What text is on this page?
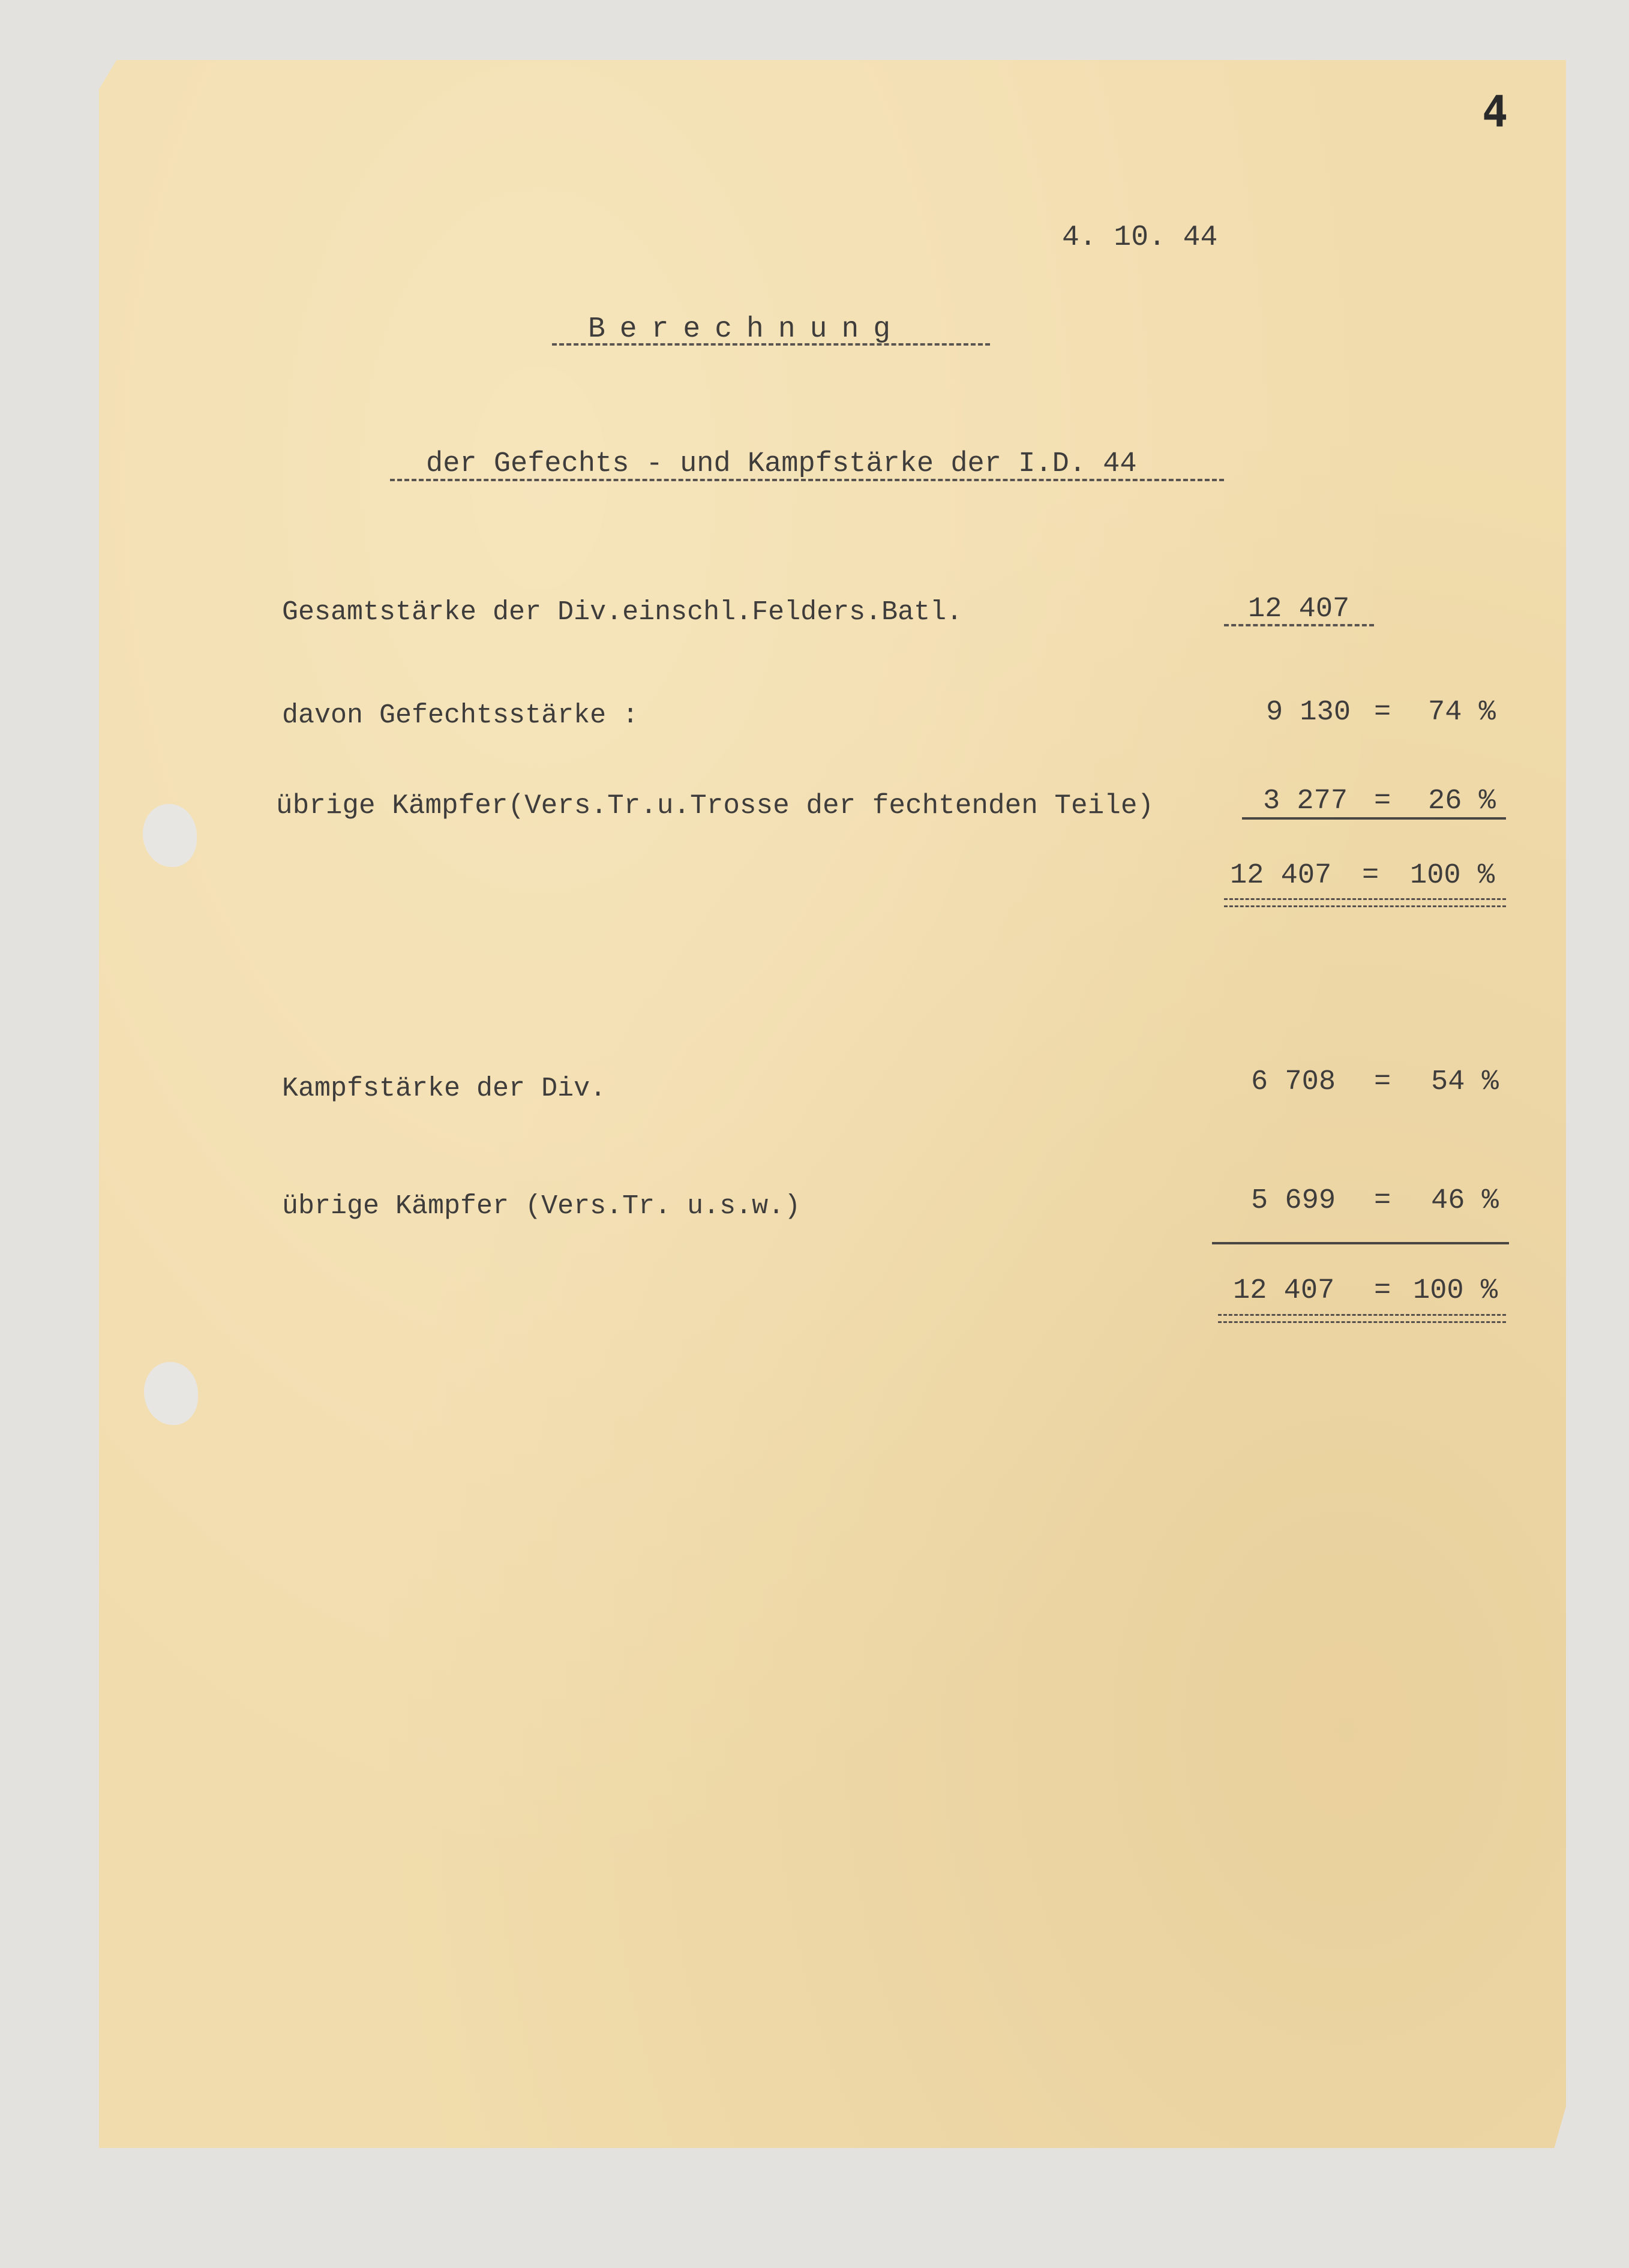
4
4. 10. 44
Berechnung
der Gefechts - und Kampfstärke der I.D. 44
Gesamtstärke der Div.einschl.Felders.Batl.	12 407
davon Gefechtsstärke :	9 130 = 74 %
übrige Kämpfer(Vers.Tr.u.Trosse der fechtenden Teile)	3 277 = 26 %
12 407 = 100 %
Kampfstärke der Div.	6 708 = 54 %
übrige Kämpfer (Vers.Tr. u.s.w.)	5 699 = 46 %
12 407 = 100 %
